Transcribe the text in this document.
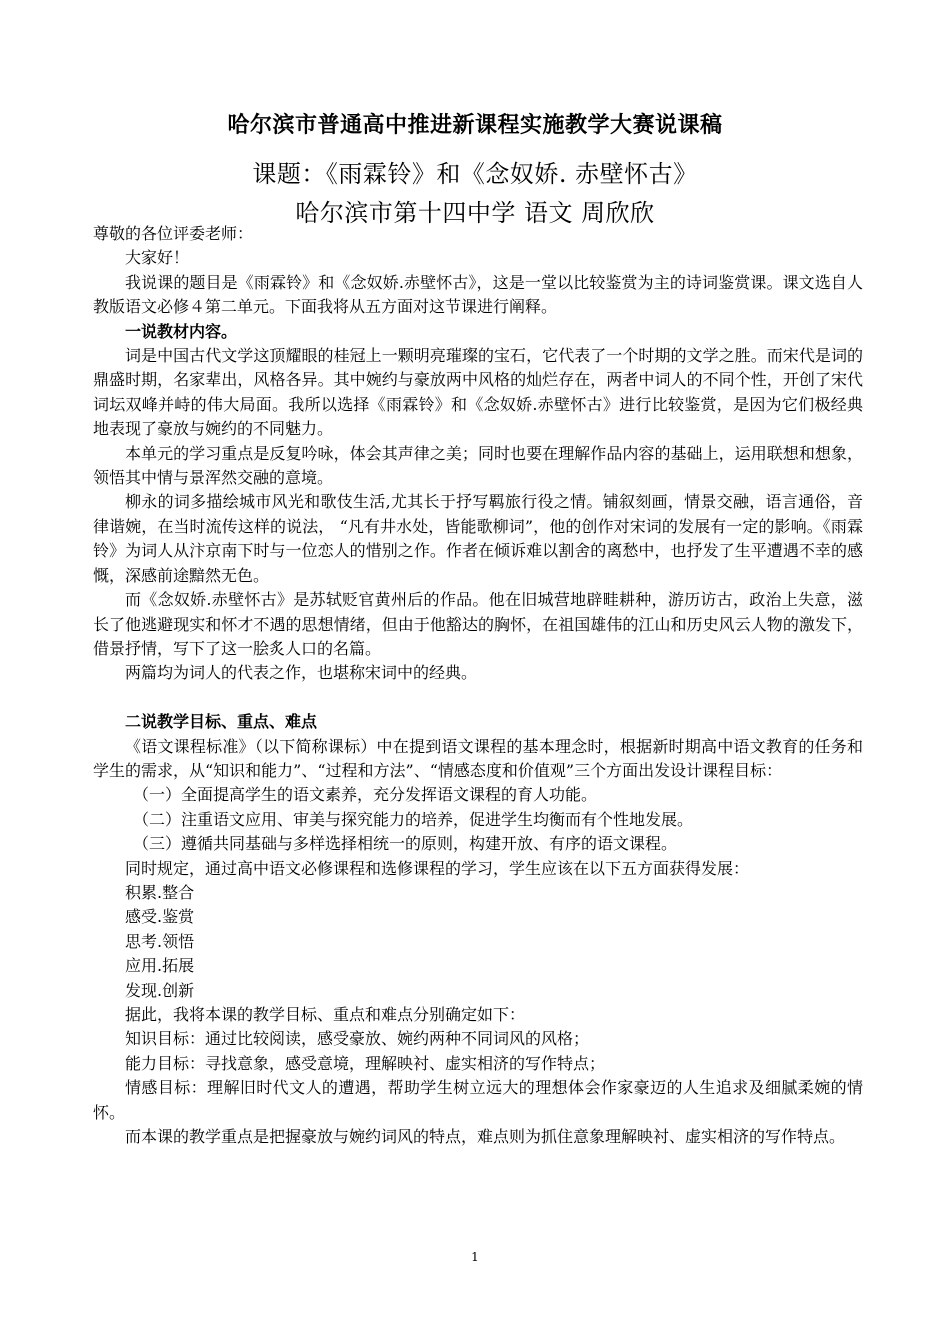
哈尔滨市普通高中推进新课程实施教学大赛说课稿
课题：《雨霖铃》和《念奴娇. 赤壁怀古》
哈尔滨市第十四中学 语文 周欣欣

尊敬的各位评委老师：

大家好！

我说课的题目是《雨霖铃》和《念奴娇.赤壁怀古》，这是一堂以比较鉴赏为主的诗词鉴赏课。课文选自人教版语文必修４第二单元。下面我将从五方面对这节课进行阐释。

一说教材内容。

词是中国古代文学这顶耀眼的桂冠上一颗明亮璀璨的宝石，它代表了一个时期的文学之胜。而宋代是词的鼎盛时期，名家辈出，风格各异。其中婉约与豪放两中风格的灿烂存在，两者中词人的不同个性，开创了宋代词坛双峰并峙的伟大局面。我所以选择《雨霖铃》和《念奴娇.赤壁怀古》进行比较鉴赏，是因为它们极经典地表现了豪放与婉约的不同魅力。

本单元的学习重点是反复吟咏，体会其声律之美；同时也要在理解作品内容的基础上，运用联想和想象，领悟其中情与景浑然交融的意境。

柳永的词多描绘城市风光和歌伎生活,尤其长于抒写羁旅行役之情。铺叙刻画，情景交融，语言通俗，音律谐婉，在当时流传这样的说法， “凡有井水处，皆能歌柳词”，他的创作对宋词的发展有一定的影响。《雨霖铃》为词人从汴京南下时与一位恋人的惜别之作。作者在倾诉难以割舍的离愁中，也抒发了生平遭遇不幸的感慨，深感前途黯然无色。

而《念奴娇.赤壁怀古》是苏轼贬官黄州后的作品。他在旧城营地辟畦耕种，游历访古，政治上失意，滋长了他逃避现实和怀才不遇的思想情绪，但由于他豁达的胸怀，在祖国雄伟的江山和历史风云人物的激发下，借景抒情，写下了这一脍炙人口的名篇。

两篇均为词人的代表之作，也堪称宋词中的经典。

二说教学目标、重点、难点

《语文课程标准》（以下简称课标）中在提到语文课程的基本理念时，根据新时期高中语文教育的任务和学生的需求，从“知识和能力”、“过程和方法”、“情感态度和价值观”三个方面出发设计课程目标：

（一）全面提高学生的语文素养，充分发挥语文课程的育人功能。

（二）注重语文应用、审美与探究能力的培养，促进学生均衡而有个性地发展。

（三）遵循共同基础与多样选择相统一的原则，构建开放、有序的语文课程。

同时规定，通过高中语文必修课程和选修课程的学习，学生应该在以下五方面获得发展：

积累.整合

感受.鉴赏

思考.领悟

应用.拓展

发现.创新

据此，我将本课的教学目标、重点和难点分别确定如下：

知识目标：通过比较阅读，感受豪放、婉约两种不同词风的风格；

能力目标：寻找意象，感受意境，理解映衬、虚实相济的写作特点；

情感目标：理解旧时代文人的遭遇，帮助学生树立远大的理想体会作家豪迈的人生追求及细腻柔婉的情怀。

而本课的教学重点是把握豪放与婉约词风的特点，难点则为抓住意象理解映衬、虚实相济的写作特点。

1
